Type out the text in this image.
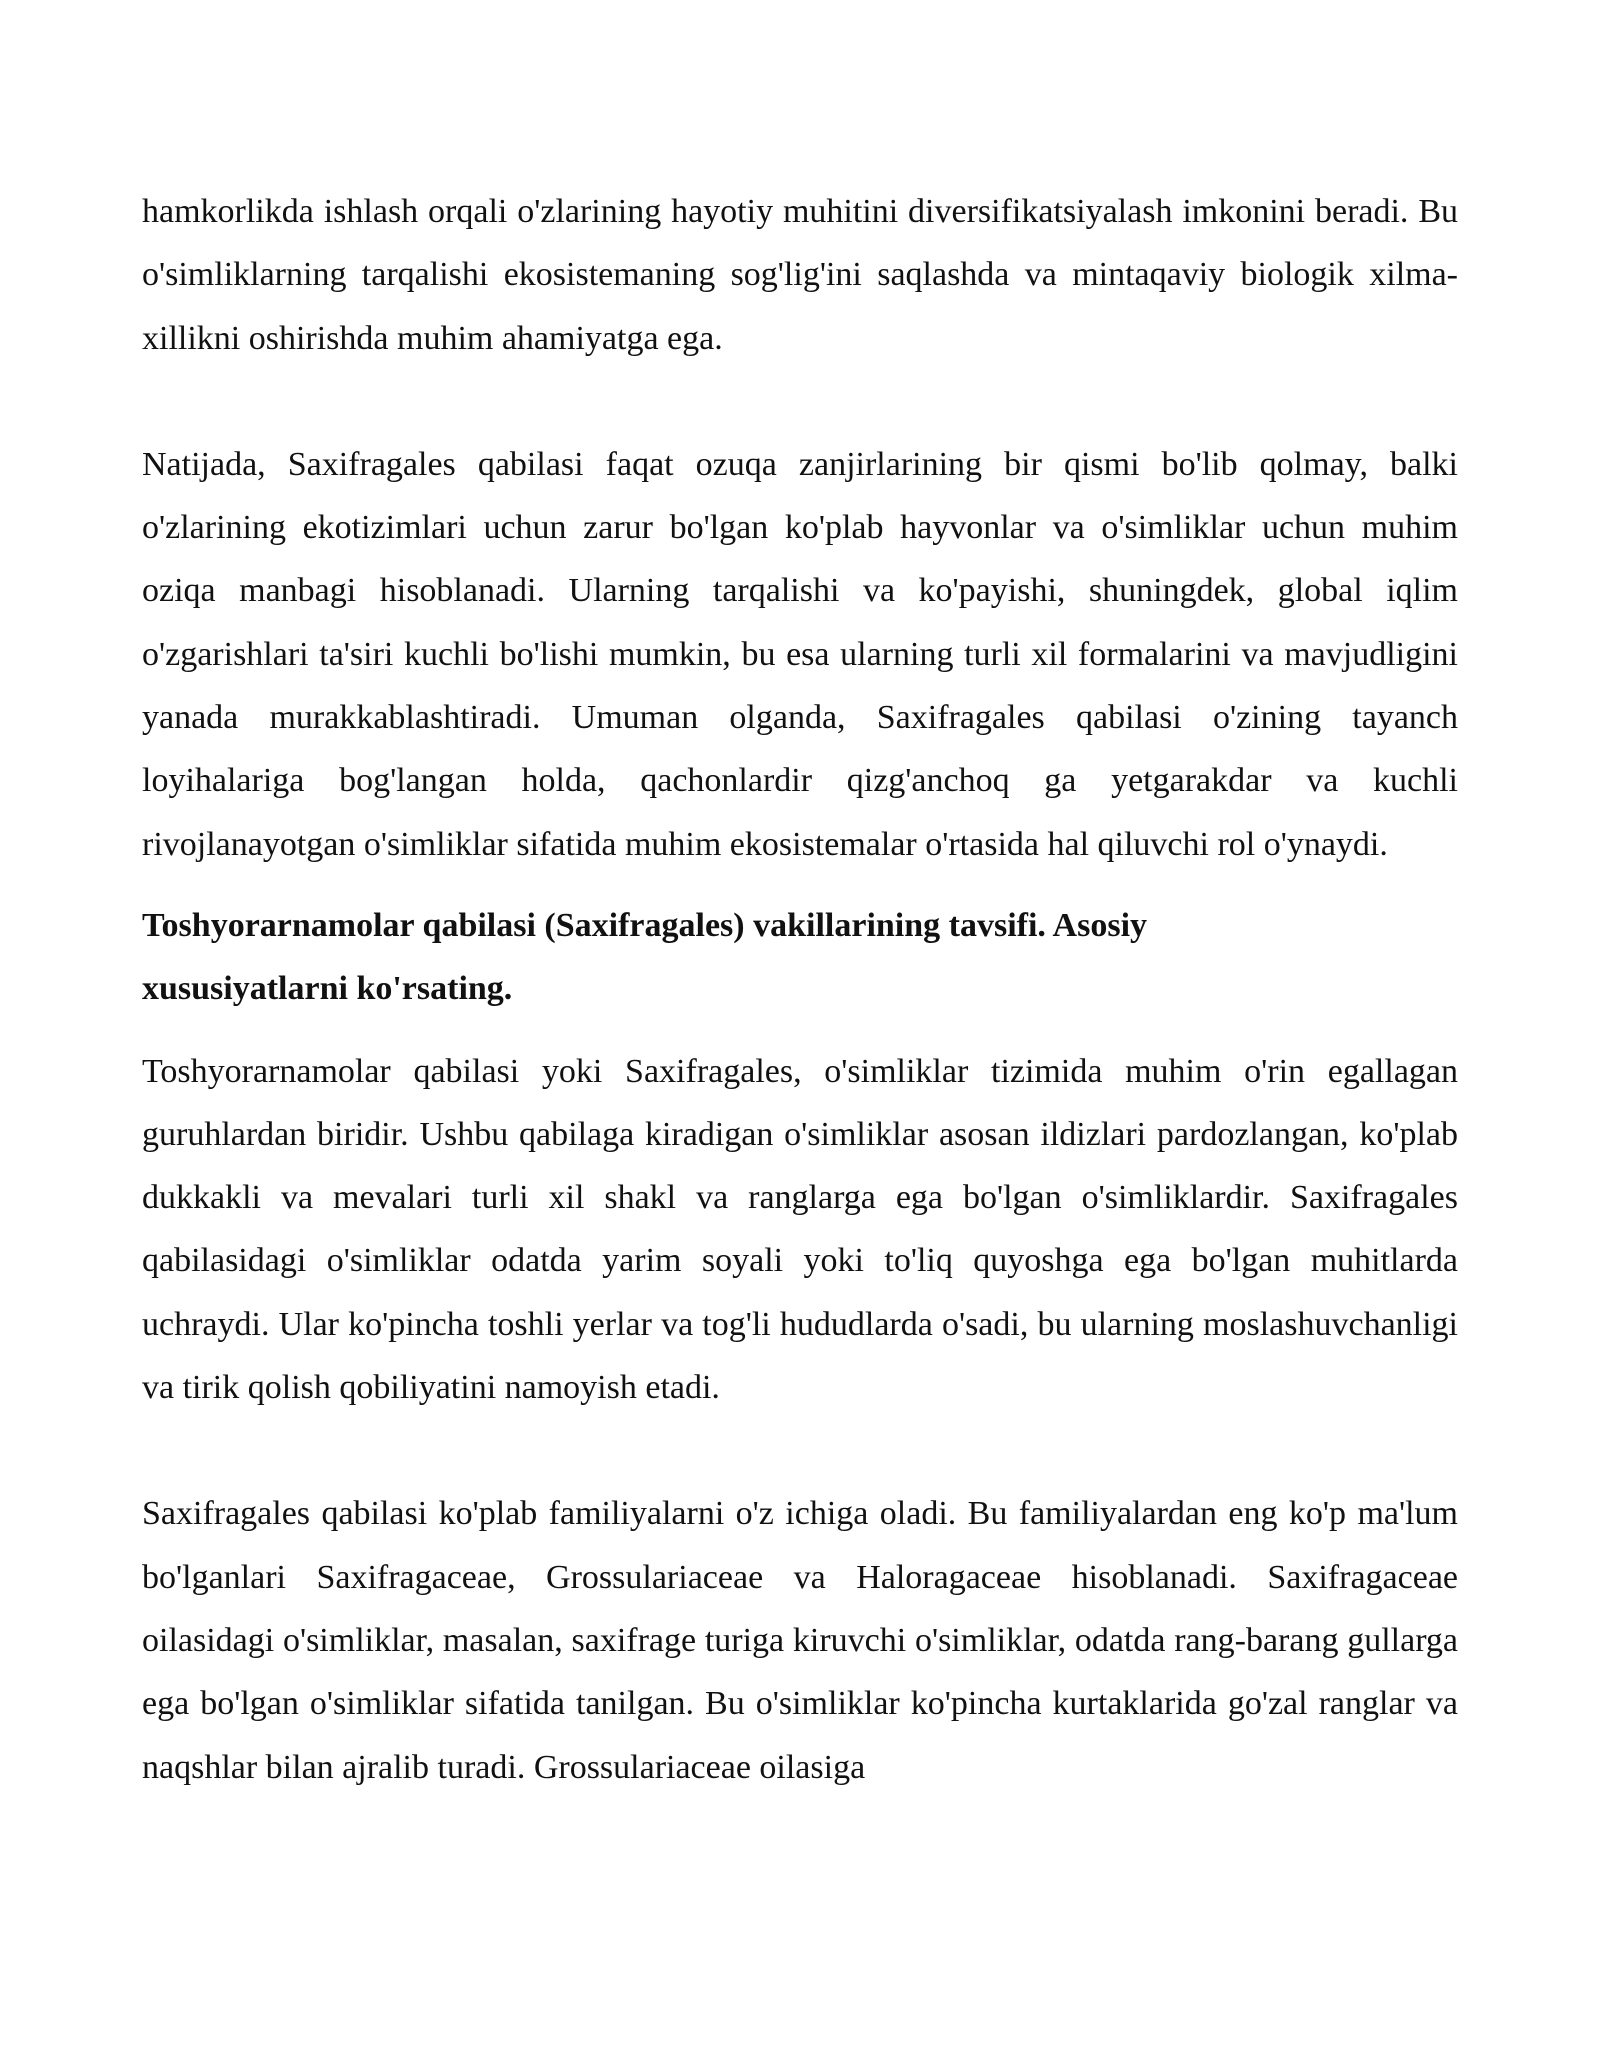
hamkorlikda ishlash orqali o'zlarining hayotiy muhitini diversifikatsiyalash imkonini beradi. Bu o'simliklarning tarqalishi ekosistemaning sog'lig'ini saqlashda va mintaqaviy biologik xilma-xillikni oshirishda muhim ahamiyatga ega.

Natijada, Saxifragales qabilasi faqat ozuqa zanjirlarining bir qismi bo'lib qolmay, balki o'zlarining ekotizimlari uchun zarur bo'lgan ko'plab hayvonlar va o'simliklar uchun muhim oziqa manbagi hisoblanadi. Ularning tarqalishi va ko'payishi, shuningdek, global iqlim o'zgarishlari ta'siri kuchli bo'lishi mumkin, bu esa ularning turli xil formalarini va mavjudligini yanada murakkablashtiradi. Umuman olganda, Saxifragales qabilasi o'zining tayanch loyihalariga bog'langan holda, qachonlardir qizg'anchoq ga yetgarakdar va kuchli rivojlanayotgan o'simliklar sifatida muhim ekosistemalar o'rtasida hal qiluvchi rol o'ynaydi.

Toshyorarnamolar qabilasi (Saxifragales) vakillarining tavsifi. Asosiy xususiyatlarni ko'rsating.

Toshyorarnamolar qabilasi yoki Saxifragales, o'simliklar tizimida muhim o'rin egallagan guruhlardan biridir. Ushbu qabilaga kiradigan o'simliklar asosan ildizlari pardozlangan, ko'plab dukkakli va mevalari turli xil shakl va ranglarga ega bo'lgan o'simliklardir. Saxifragales qabilasidagi o'simliklar odatda yarim soyali yoki to'liq quyoshga ega bo'lgan muhitlarda uchraydi. Ular ko'pincha toshli yerlar va tog'li hududlarda o'sadi, bu ularning moslashuvchanligi va tirik qolish qobiliyatini namoyish etadi.

Saxifragales qabilasi ko'plab familiyalarni o'z ichiga oladi. Bu familiyalardan eng ko'p ma'lum bo'lganlari Saxifragaceae, Grossulariaceae va Haloragaceae hisoblanadi. Saxifragaceae oilasidagi o'simliklar, masalan, saxifrage turiga kiruvchi o'simliklar, odatda rang-barang gullarga ega bo'lgan o'simliklar sifatida tanilgan. Bu o'simliklar ko'pincha kurtaklarida go'zal ranglar va naqshlar bilan ajralib turadi. Grossulariaceae oilasiga
